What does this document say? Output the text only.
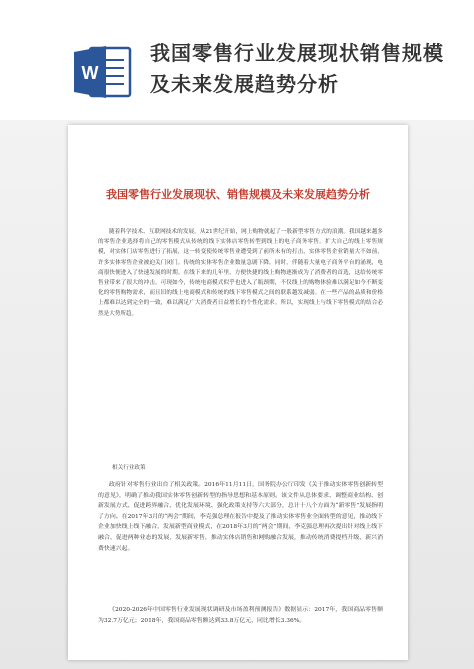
W
我国零售行业发展现状销售规模及未来发展趋势分析
我国零售行业发展现状、销售规模及未来发展趋势分析
随着科学技术、互联网技术的发展，从21世纪开始，网上购物就起了一股新型零售方式的浪潮。我国越来越多的零售企业选择将自己的零售模式从传统的线下实体店零售转型到线上的电子商务零售。扩大自己的线上零售规模，对实体门店零售进行了拓展，这一转变使传统零售业遭受到了前所未有的打击，实体零售企业销量大不如前，许多实体零售企业被迫关门闭门。传统的实体零售企业数量急剧下降，同时，伴随着大量电子商务平台的涌现，电商很快便进入了快速发展的时期。在线下来的几年里，方便快捷的线上购物逐渐成为了消费者的首选，这给传统零售业带来了很大的冲击。可现如今，传统电商模式似乎也进入了瓶颈期，不仅线上的购物体验难以满足如今不断变化的零售购物需求，而且旧的线上电商模式和传统的线下零售模式之间的联系越发减弱。在一些产品的品质和价格上都难以达到完全的一致，难以满足广大消费者日益增长的个性化需求。所以，实现线上与线下零售模式的结合必然是大势所趋。
相关行业政策
政府针对零售行业出台了相关政策。2016年11月11日，国务院办公厅印发《关于推动实体零售创新转型的意见》，明确了推动我国实体零售创新转型的指导思想和基本原则。该文件从总体要求、调整商业结构、创新发展方式、促进跨界融合、优化发展环境、强化政策支持等六大部分，总计十八个方面为“新零售”发展指明了方向。在2017年3月的“两会”期间，李克强总理在报告中提及了推动实体零售业全面转型的意见，推动线下企业加快线上线下融合，发展新型商业模式，在2018年3月的“两会”期间，李克强总理再次提出针对线上线下融合、促进两种业态的发展，发展新零售，推动实体店销售和网购融合发展，推动传统消费提档升级、新兴消费快速兴起。
《2020-2026年中国零售行业发展现状调研及市场盈利预测报告》数据显示：2017年，我国商品零售额为32.7万亿元；2018年，我国商品零售额达到33.8万亿元，同比增长3.36%。
